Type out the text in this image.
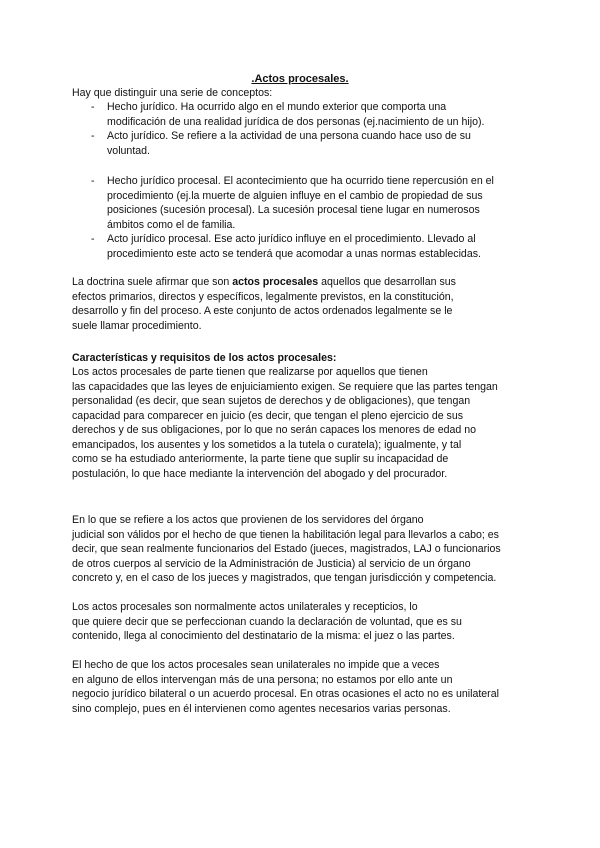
.Actos procesales.

Hay que distinguir una serie de conceptos:

- Hecho jurídico. Ha ocurrido algo en el mundo exterior que comporta una
modificación de una realidad jurídica de dos personas (ej.nacimiento de un hijo).
- Acto jurídico. Se refiere a la actividad de una persona cuando hace uso de su
voluntad.
- Hecho jurídico procesal. El acontecimiento que ha ocurrido tiene repercusión en el
procedimiento (ej.la muerte de alguien influye en el cambio de propiedad de sus
posiciones (sucesión procesal). La sucesión procesal tiene lugar en numerosos
ámbitos como el de familia.
- Acto jurídico procesal. Ese acto jurídico influye en el procedimiento. Llevado al
procedimiento este acto se tenderá que acomodar a unas normas establecidas.
La doctrina suele afirmar que son actos procesales aquellos que desarrollan sus
efectos primarios, directos y específicos, legalmente previstos, en la constitución,
desarrollo y fin del proceso. A este conjunto de actos ordenados legalmente se le
suele llamar procedimiento.
Características y requisitos de los actos procesales:
Los actos procesales de parte tienen que realizarse por aquellos que tienen
las capacidades que las leyes de enjuiciamiento exigen. Se requiere que las partes tengan
personalidad (es decir, que sean sujetos de derechos y de obligaciones), que tengan
capacidad para comparecer en juicio (es decir, que tengan el pleno ejercicio de sus
derechos y de sus obligaciones, por lo que no serán capaces los menores de edad no
emancipados, los ausentes y los sometidos a la tutela o curatela); igualmente, y tal
como se ha estudiado anteriormente, la parte tiene que suplir su incapacidad de
postulación, lo que hace mediante la intervención del abogado y del procurador.
En lo que se refiere a los actos que provienen de los servidores del órgano
judicial son válidos por el hecho de que tienen la habilitación legal para llevarlos a cabo; es
decir, que sean realmente funcionarios del Estado (jueces, magistrados, LAJ o funcionarios
de otros cuerpos al servicio de la Administración de Justicia) al servicio de un órgano
concreto y, en el caso de los jueces y magistrados, que tengan jurisdicción y competencia.
Los actos procesales son normalmente actos unilaterales y recepticios, lo
que quiere decir que se perfeccionan cuando la declaración de voluntad, que es su
contenido, llega al conocimiento del destinatario de la misma: el juez o las partes.
El hecho de que los actos procesales sean unilaterales no impide que a veces
en alguno de ellos intervengan más de una persona; no estamos por ello ante un
negocio jurídico bilateral o un acuerdo procesal. En otras ocasiones el acto no es unilateral
sino complejo, pues en él intervienen como agentes necesarios varias personas.
